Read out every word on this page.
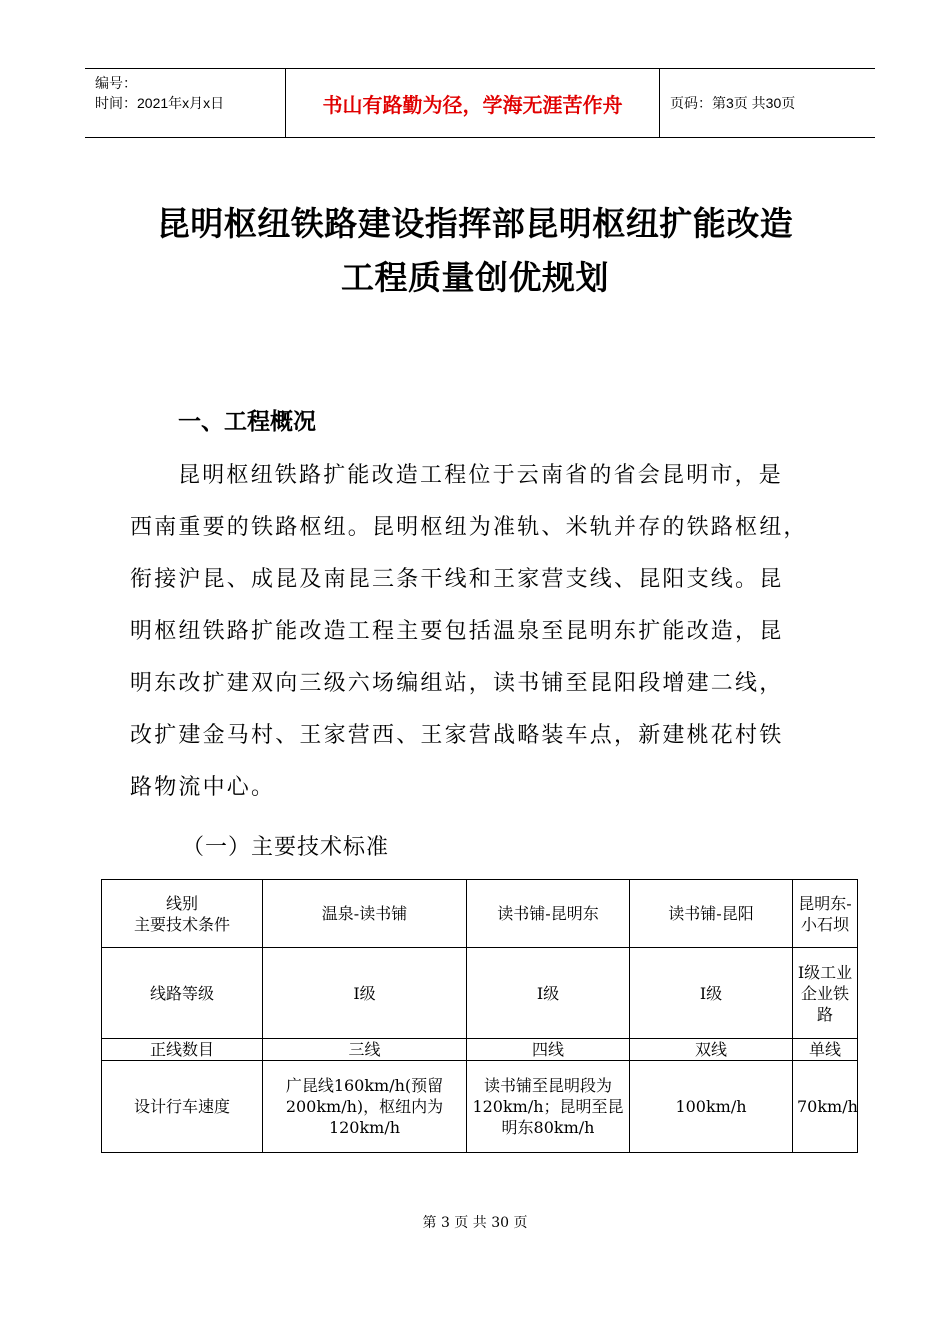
编号：
时间：2021年x月x日	书山有路勤为径，学海无涯苦作舟	页码：第3页 共30页
昆明枢纽铁路建设指挥部昆明枢纽扩能改造
工程质量创优规划
一、工程概况
昆明枢纽铁路扩能改造工程位于云南省的省会昆明市，是
西南重要的铁路枢纽。昆明枢纽为准轨、米轨并存的铁路枢纽，
衔接沪昆、成昆及南昆三条干线和王家营支线、昆阳支线。昆
明枢纽铁路扩能改造工程主要包括温泉至昆明东扩能改造，昆
明东改扩建双向三级六场编组站，读书铺至昆阳段增建二线，
改扩建金马村、王家营西、王家营战略装车点，新建桃花村铁
路物流中心。
（一）主要技术标准
线别
主要技术条件	温泉-读书铺	读书铺-昆明东	读书铺-昆阳	昆明东-小石坝
线路等级	I级	I级	I级	I级工业企业铁路
正线数目	三线	四线	双线	单线
设计行车速度	广昆线160km/h(预留200km/h)，枢纽内为120km/h	读书铺至昆明段为120km/h；昆明至昆明东80km/h	100km/h	70km/h
第 3 页 共 30 页
